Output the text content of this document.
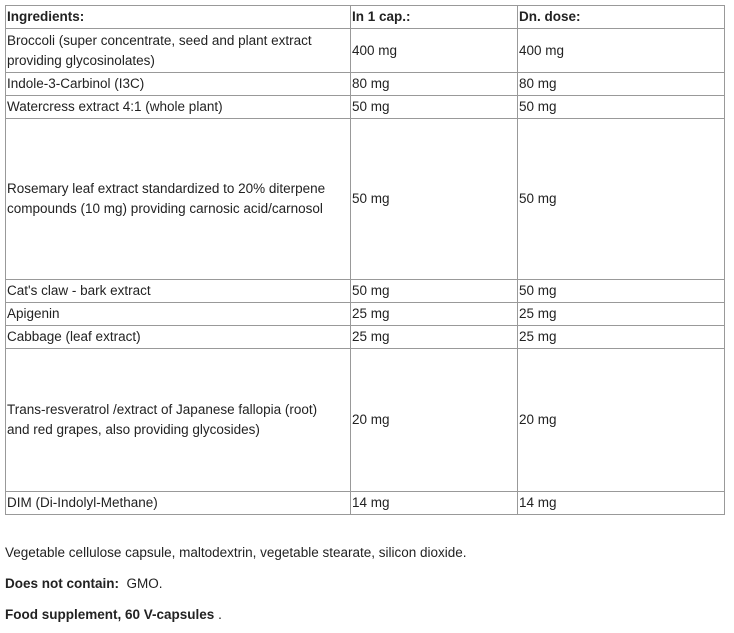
Ingredients:	In 1 cap.:	Dn. dose:
Broccoli (super concentrate, seed and plant extract
providing glycosinolates)	400 mg	400 mg
Indole-3-Carbinol (I3C)	80 mg	80 mg
Watercress extract 4:1 (whole plant)	50 mg	50 mg
Rosemary leaf extract standardized to 20% diterpene
compounds (10 mg) providing carnosic acid/carnosol	50 mg	50 mg
Cat's claw - bark extract	50 mg	50 mg
Apigenin	25 mg	25 mg
Cabbage (leaf extract)	25 mg	25 mg
Trans-resveratrol /extract of Japanese fallopia (root)
and red grapes, also providing glycosides)	20 mg	20 mg
DIM (Di-Indolyl-Methane)	14 mg	14 mg

Vegetable cellulose capsule, maltodextrin, vegetable stearate, silicon dioxide.

Does not contain: GMO.

Food supplement, 60 V-capsules .
